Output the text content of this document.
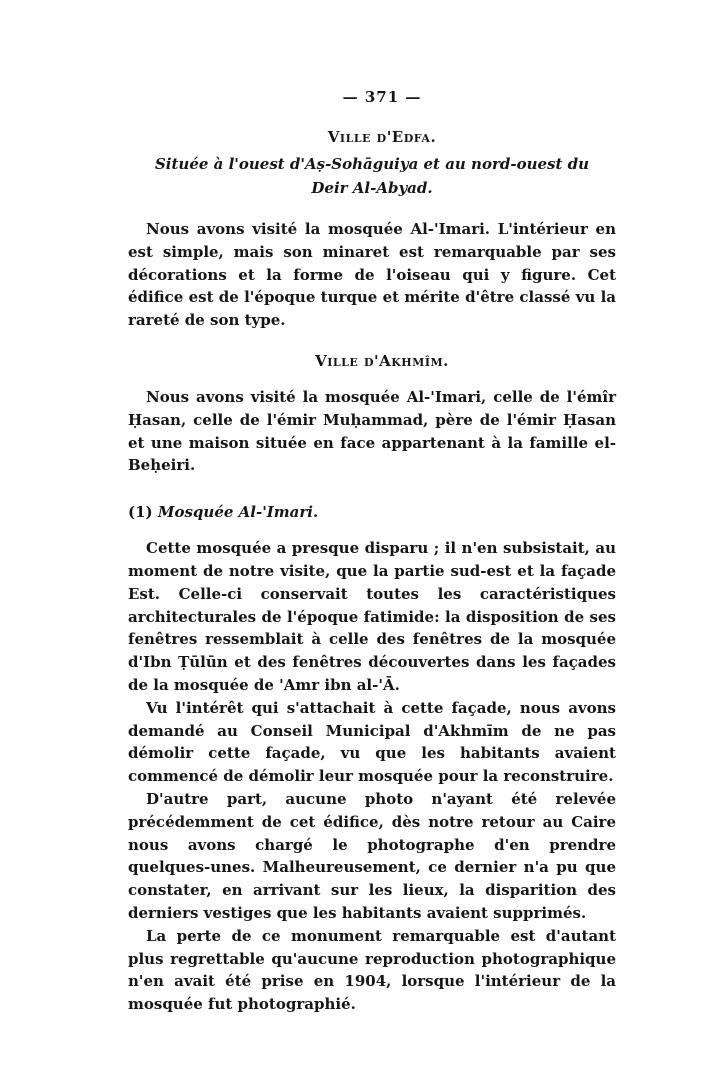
— 371 —
Ville d'Edfa.
Située à l'ouest d'Aṣ-Sohāguiya et au nord-ouest du Deir Al-Abyad.

Nous avons visité la mosquée Al-'Imari. L'intérieur en est simple, mais son minaret est remarquable par ses décorations et la forme de l'oiseau qui y figure. Cet édifice est de l'époque turque et mérite d'être classé vu la rareté de son type.

Ville d'Akhmîm.

Nous avons visité la mosquée Al-'Imari, celle de l'émîr Ḥasan, celle de l'émir Muḥammad, père de l'émir Ḥasan et une maison située en face appartenant à la famille el-Beḥeiri.

(1) Mosquée Al-'Imari.

Cette mosquée a presque disparu ; il n'en subsistait, au moment de notre visite, que la partie sud-est et la façade Est. Celle-ci conservait toutes les caractéristiques architecturales de l'époque fatimide: la disposition de ses fenêtres ressemblait à celle des fenêtres de la mosquée d'Ibn Ṭūlūn et des fenêtres découvertes dans les façades de la mosquée de 'Amr ibn al-'Ā.

Vu l'intérêt qui s'attachait à cette façade, nous avons demandé au Conseil Municipal d'Akhmīm de ne pas démolir cette façade, vu que les habitants avaient commencé de démolir leur mosquée pour la reconstruire.

D'autre part, aucune photo n'ayant été relevée précédemment de cet édifice, dès notre retour au Caire nous avons chargé le photographe d'en prendre quelques-unes. Malheureusement, ce dernier n'a pu que constater, en arrivant sur les lieux, la disparition des derniers vestiges que les habitants avaient supprimés.

La perte de ce monument remarquable est d'autant plus regrettable qu'aucune reproduction photographique n'en avait été prise en 1904, lorsque l'intérieur de la mosquée fut photographié.
